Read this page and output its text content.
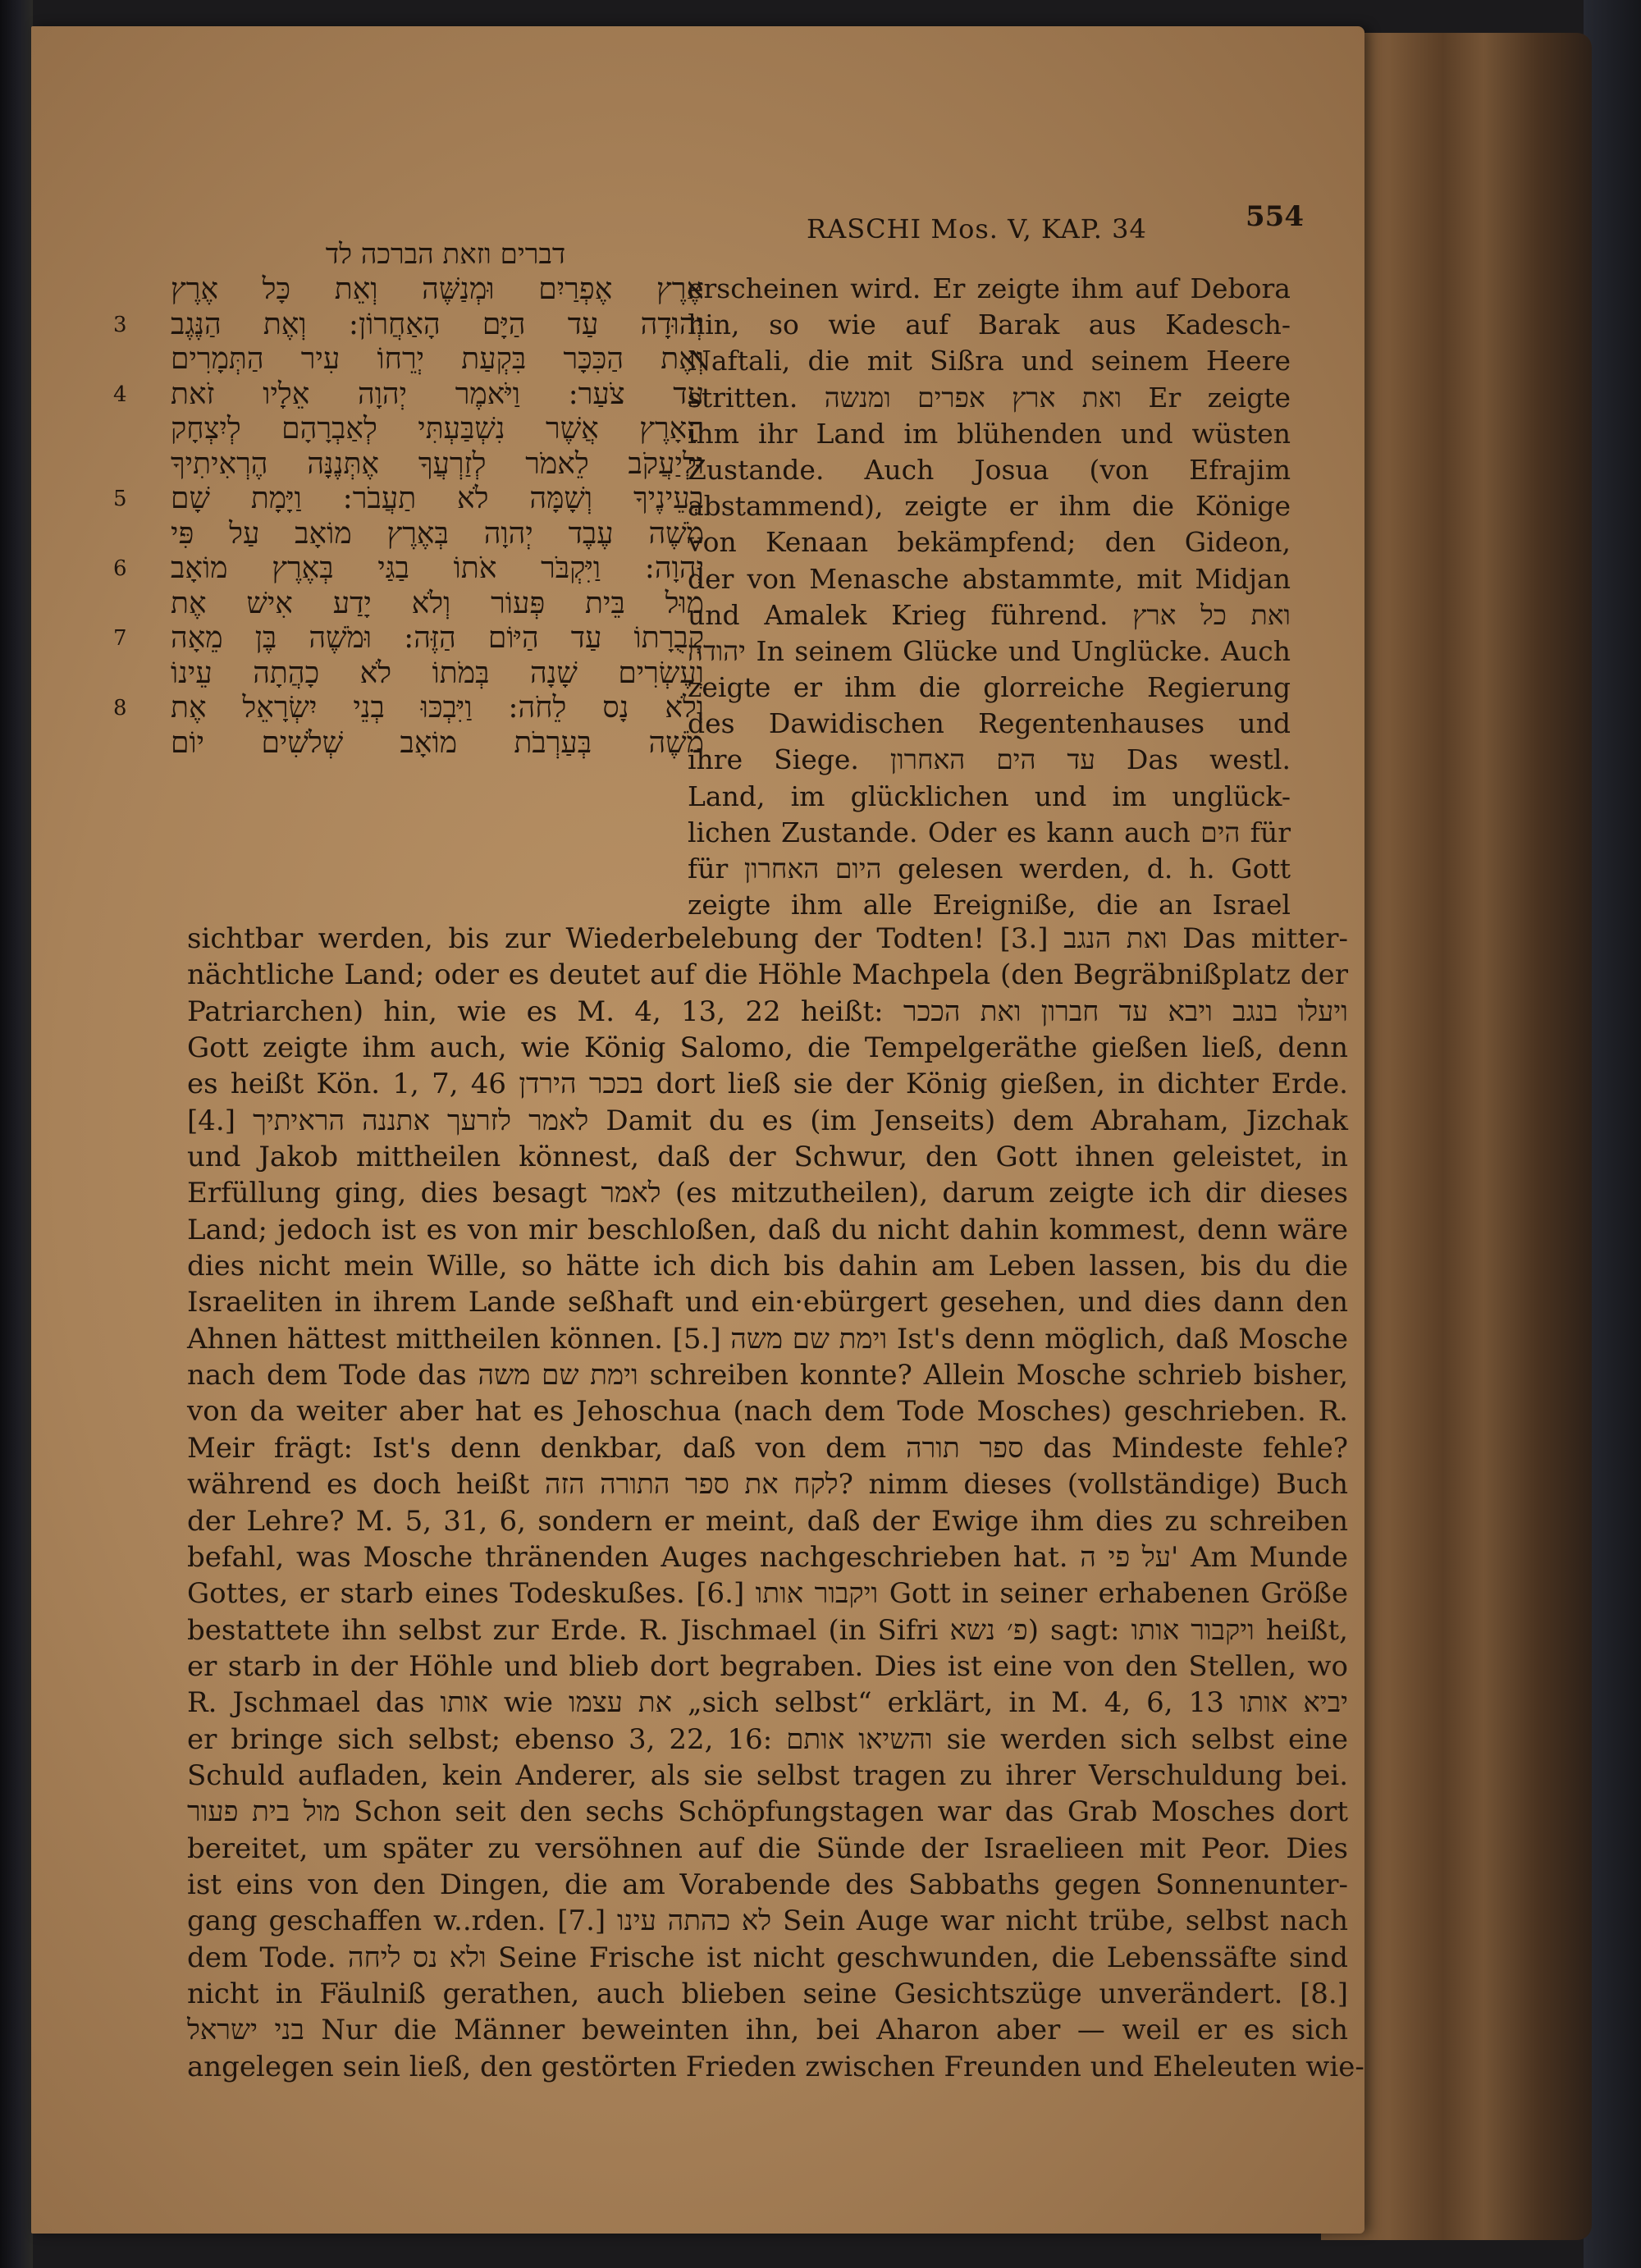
RASCHI Mos. V, KAP. 34	554
דברים וזאת הברכה לד
אֶרֶץ אֶפְרַיִם וּמְנַשֶּׁה וְאֵת כָּל אֶרֶץ
3	יְהוּדָה עַד הַיָּם הָאַחֲרוֹן: וְאֶת הַנֶּגֶב
וְאֶת הַכִּכָּר בִּקְעַת יְרֵחוֹ עִיר הַתְּמָרִים
4	עַד צֹעַר: וַיֹּאמֶר יְהוָה אֵלָיו זֹאת
הָאָרֶץ אֲשֶׁר נִשְׁבַּעְתִּי לְאַבְרָהָם לְיִצְחָק
וּלְיַעֲקֹב לֵאמֹר לְזַרְעֲךָ אֶתְּנֶנָּה הֶרְאִיתִיךָ
5	בְעֵינֶיךָ וְשָׁמָּה לֹא תַעֲבֹר: וַיָּמָת שָׁם
מֹשֶׁה עֶבֶד יְהוָה בְּאֶרֶץ מוֹאָב עַל פִּי
6	יְהוָה: וַיִּקְבֹּר אֹתוֹ בַגַּי בְּאֶרֶץ מוֹאָב
מוּל בֵּית פְּעוֹר וְלֹא יָדַע אִישׁ אֶת
7	קְבֻרָתוֹ עַד הַיּוֹם הַזֶּה: וּמֹשֶׁה בֶּן מֵאָה
וְעֶשְׂרִים שָׁנָה בְּמֹתוֹ לֹא כָהֲתָה עֵינוֹ
8	וְלֹא נָס לֵחֹה: וַיִּבְכּוּ בְנֵי יִשְׂרָאֵל אֶת
מֹשֶׁה בְּעַרְבֹת מוֹאָב שְׁלֹשִׁים יוֹם
erscheinen wird. Er zeigte ihm auf Debora
hin, so wie auf Barak aus Kadesch-
Naftali, die mit Sißra und seinem Heere
stritten. ואת ארץ אפרים ומנשה Er zeigte
ihm ihr Land im blühenden und wüsten
Zustande. Auch Josua (von Efrajim
abstammend), zeigte er ihm die Könige
von Kenaan bekämpfend; den Gideon,
der von Menasche abstammte, mit Midjan
und Amalek Krieg führend. ואת כל ארץ
יהודה In seinem Glücke und Unglücke. Auch
zeigte er ihm die glorreiche Regierung
des Dawidischen Regentenhauses und
ihre Siege. עד הים האחרון Das westl.
Land, im glücklichen und im unglück-
lichen Zustande. Oder es kann auch הים für
für היום האחרון gelesen werden, d. h. Gott
zeigte ihm alle Ereigniße, die an Israel
sichtbar werden, bis zur Wiederbelebung der Todten! [3.] ואת הנגב Das mitter-
nächtliche Land; oder es deutet auf die Höhle Machpela (den Begräbnißplatz der
Patriarchen) hin, wie es M. 4, 13, 22 heißt: ויעלו בנגב ויבא עד חברון ואת הככר
Gott zeigte ihm auch, wie König Salomo, die Tempelgeräthe gießen ließ, denn
es heißt Kön. 1, 7, 46 בככר הירדן dort ließ sie der König gießen, in dichter Erde.
[4.] לאמר לזרעך אתננה הראיתיך Damit du es (im Jenseits) dem Abraham, Jizchak
und Jakob mittheilen könnest, daß der Schwur, den Gott ihnen geleistet, in
Erfüllung ging, dies besagt לאמר (es mitzutheilen), darum zeigte ich dir dieses
Land; jedoch ist es von mir beschloßen, daß du nicht dahin kommest, denn wäre
dies nicht mein Wille, so hätte ich dich bis dahin am Leben lassen, bis du die
Israeliten in ihrem Lande seßhaft und ein·ebürgert gesehen, und dies dann den
Ahnen hättest mittheilen können. [5.] וימת שם משה Ist's denn möglich, daß Mosche
nach dem Tode das וימת שם משה schreiben konnte? Allein Mosche schrieb bisher,
von da weiter aber hat es Jehoschua (nach dem Tode Mosches) geschrieben. R.
Meir frägt: Ist's denn denkbar, daß von dem ספר תורה das Mindeste fehle?
während es doch heißt לקח את ספר התורה הזה? nimm dieses (vollständige) Buch
der Lehre? M. 5, 31, 6, sondern er meint, daß der Ewige ihm dies zu schreiben
befahl, was Mosche thränenden Auges nachgeschrieben hat. על פי ה' Am Munde
Gottes, er starb eines Todeskußes. [6.] ויקבור אותו Gott in seiner erhabenen Größe
bestattete ihn selbst zur Erde. R. Jischmael (in Sifri פ׳ נשא) sagt: ויקבור אותו heißt,
er starb in der Höhle und blieb dort begraben. Dies ist eine von den Stellen, wo
R. Jschmael das אותו wie את עצמו „sich selbst“ erklärt, in M. 4, 6, 13 יביא אותו
er bringe sich selbst; ebenso 3, 22, 16: והשיאו אותם sie werden sich selbst eine
Schuld aufladen, kein Anderer, als sie selbst tragen zu ihrer Verschuldung bei.
מול בית פעור Schon seit den sechs Schöpfungstagen war das Grab Mosches dort
bereitet, um später zu versöhnen auf die Sünde der Israelieen mit Peor. Dies
ist eins von den Dingen, die am Vorabende des Sabbaths gegen Sonnenunter-
gang geschaffen w..rden. [7.] לא כהתה עינו Sein Auge war nicht trübe, selbst nach
dem Tode. ולא נס ליחה Seine Frische ist nicht geschwunden, die Lebenssäfte sind
nicht in Fäulniß gerathen, auch blieben seine Gesichtszüge unverändert. [8.]
בני ישראל Nur die Männer beweinten ihn, bei Aharon aber — weil er es sich
angelegen sein ließ, den gestörten Frieden zwischen Freunden und Eheleuten wie-
